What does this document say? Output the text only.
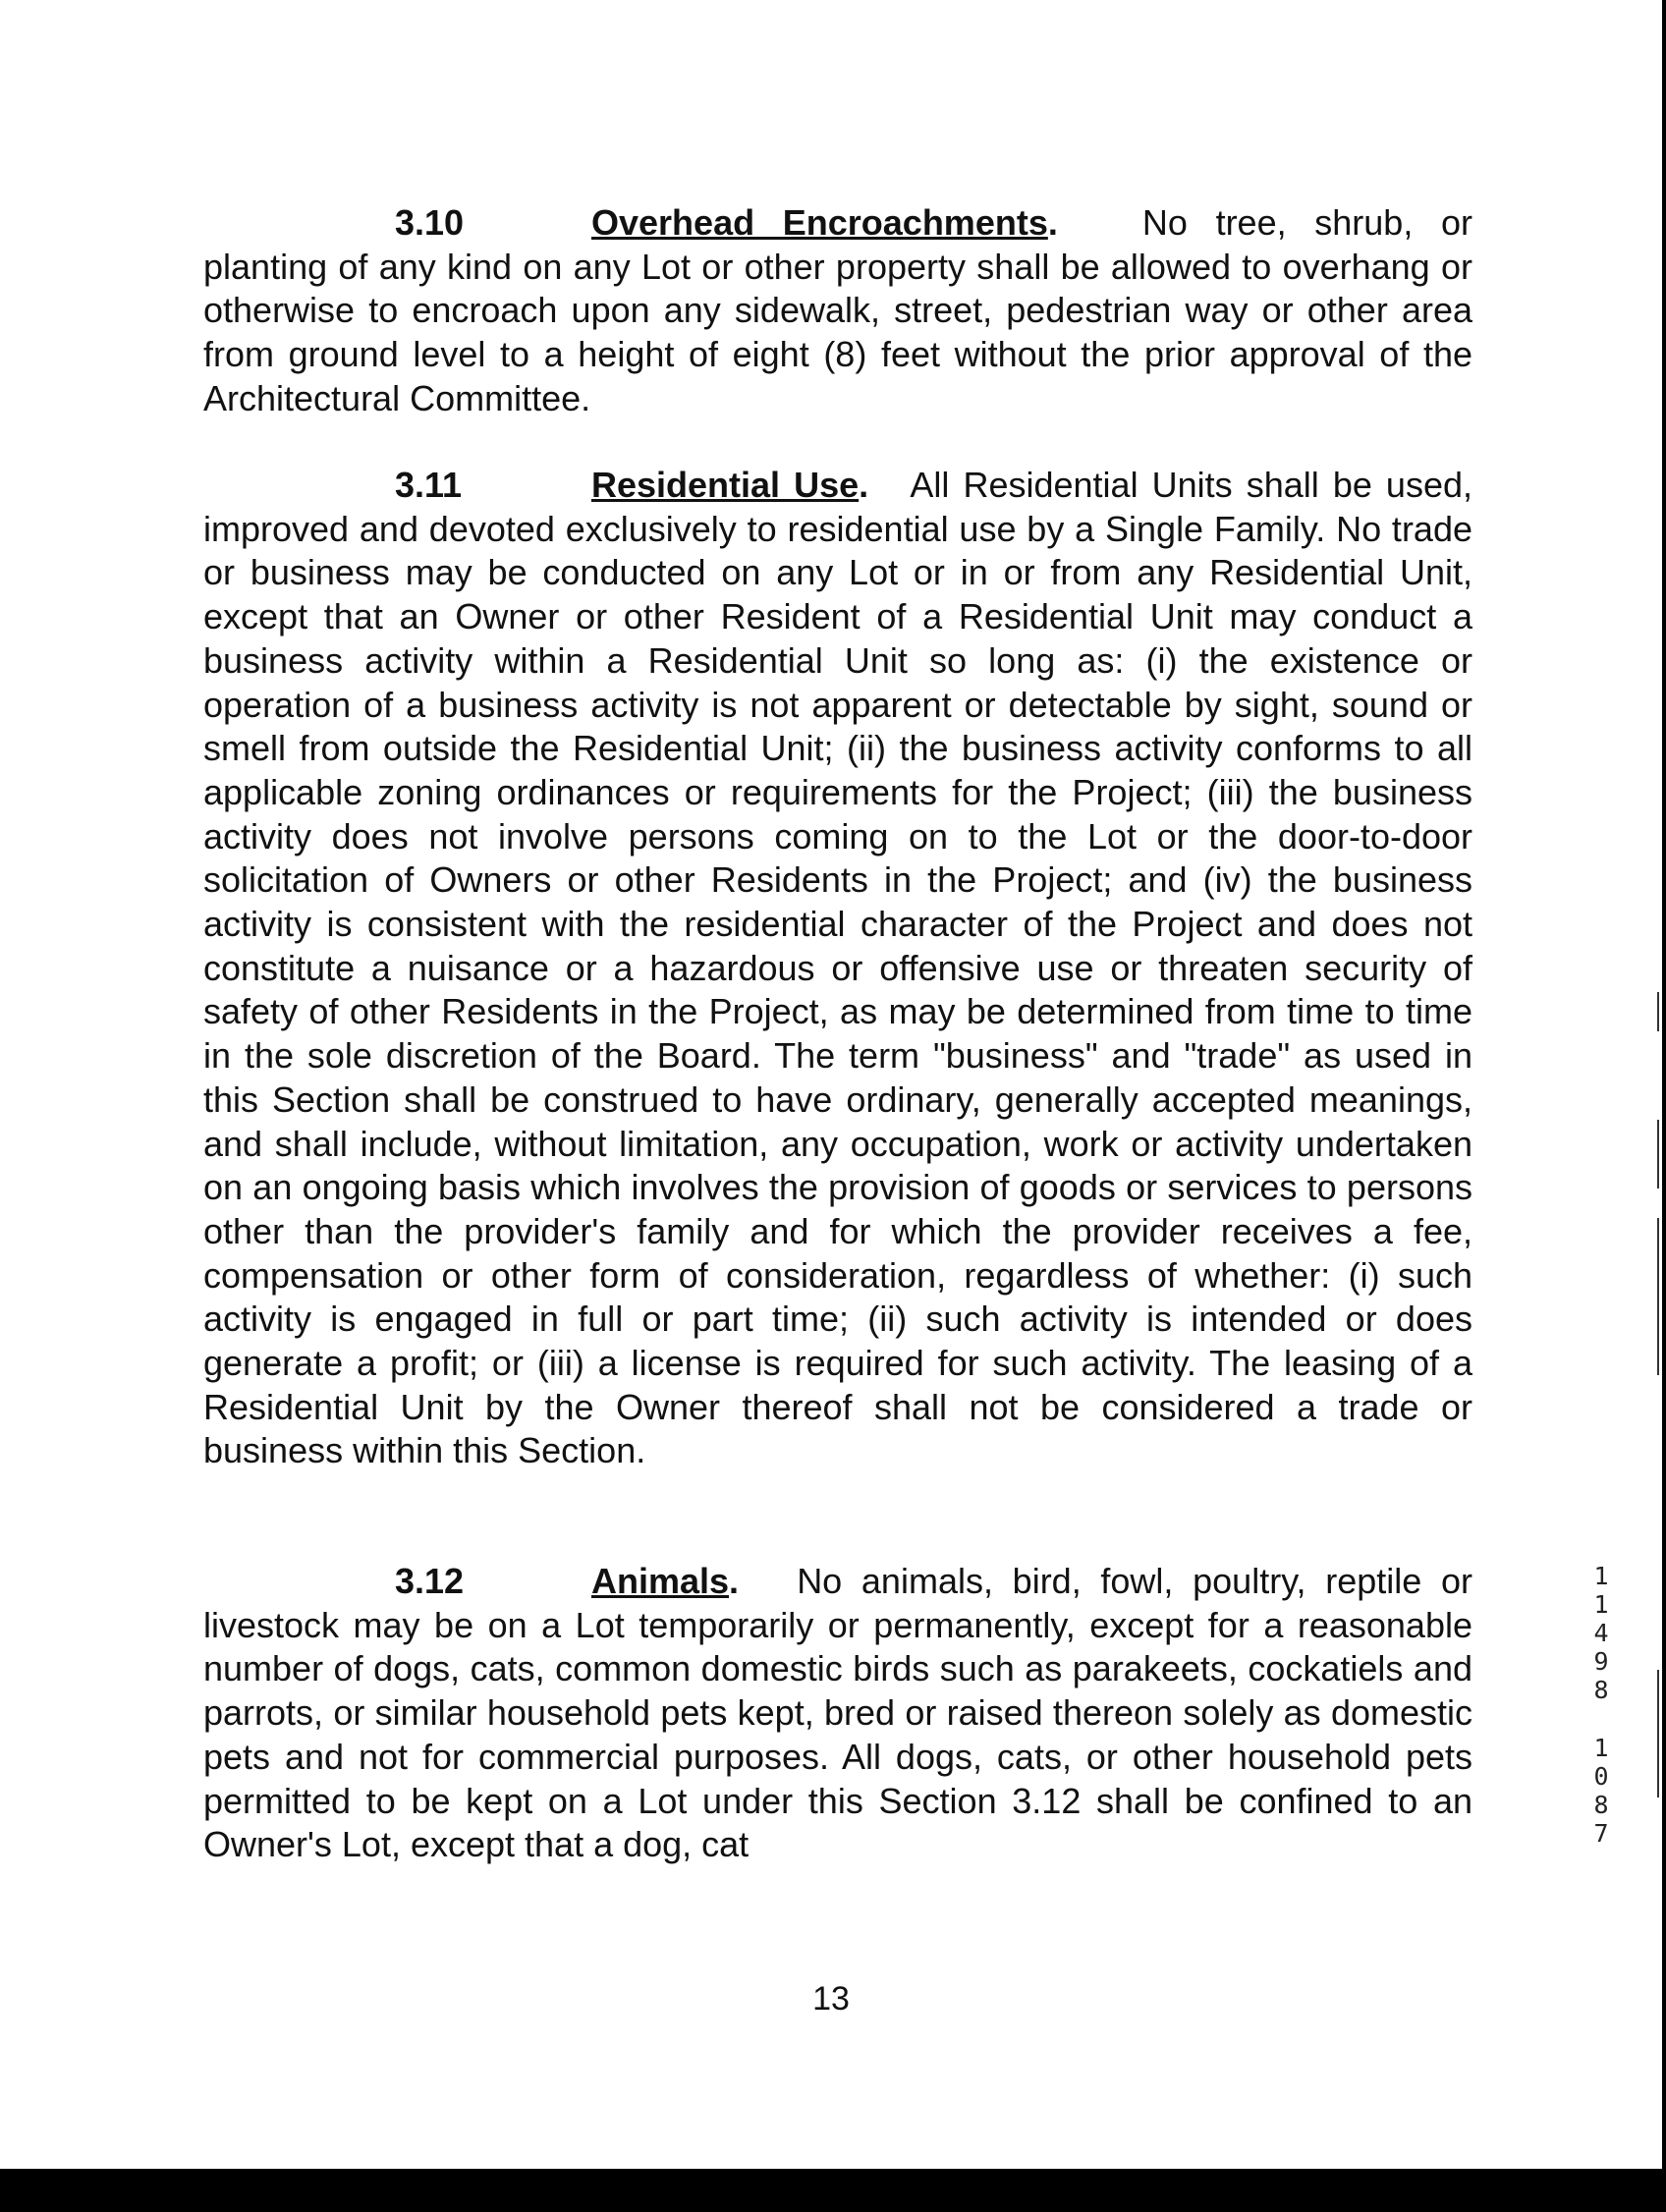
3.10	Overhead Encroachments. No tree, shrub, or planting of any kind on any Lot or other property shall be allowed to overhang or otherwise to encroach upon any sidewalk, street, pedestrian way or other area from ground level to a height of eight (8) feet without the prior approval of the Architectural Committee.

3.11	Residential Use. All Residential Units shall be used, improved and devoted exclusively to residential use by a Single Family. No trade or business may be conducted on any Lot or in or from any Residential Unit, except that an Owner or other Resident of a Residential Unit may conduct a business activity within a Residential Unit so long as: (i) the existence or operation of a business activity is not apparent or detectable by sight, sound or smell from outside the Residential Unit; (ii) the business activity conforms to all applicable zoning ordinances or requirements for the Project; (iii) the business activity does not involve persons coming on to the Lot or the door-to-door solicitation of Owners or other Residents in the Project; and (iv) the business activity is consistent with the residential character of the Project and does not constitute a nuisance or a hazardous or offensive use or threaten security of safety of other Residents in the Project, as may be determined from time to time in the sole discretion of the Board. The term "business" and "trade" as used in this Section shall be construed to have ordinary, generally accepted meanings, and shall include, without limitation, any occupation, work or activity undertaken on an ongoing basis which involves the provision of goods or services to persons other than the provider's family and for which the provider receives a fee, compensation or other form of consideration, regardless of whether: (i) such activity is engaged in full or part time; (ii) such activity is intended or does generate a profit; or (iii) a license is required for such activity. The leasing of a Residential Unit by the Owner thereof shall not be considered a trade or business within this Section.

3.12	Animals. No animals, bird, fowl, poultry, reptile or livestock may be on a Lot temporarily or permanently, except for a reasonable number of dogs, cats, common domestic birds such as parakeets, cockatiels and parrots, or similar household pets kept, bred or raised thereon solely as domestic pets and not for commercial purposes. All dogs, cats, or other household pets permitted to be kept on a Lot under this Section 3.12 shall be confined to an Owner's Lot, except that a dog, cat

13
1
1
4
9
8
1
0
8
7
